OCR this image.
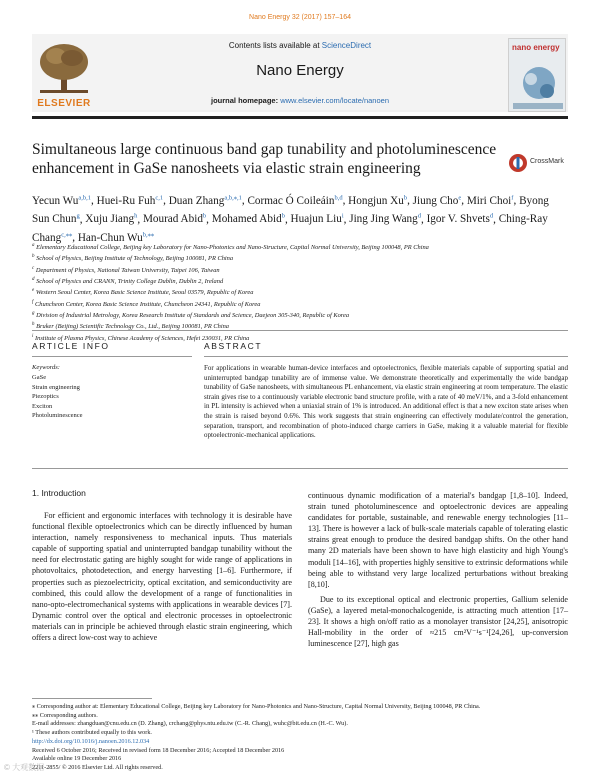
Nano Energy 32 (2017) 157–164
ELSEVIER
Contents lists available at ScienceDirect
Nano Energy
journal homepage: www.elsevier.com/locate/nanoen
nano energy
Simultaneous large continuous band gap tunability and photoluminescence
enhancement in GaSe nanosheets via elastic strain engineering	CrossMark
Yecun Wu$^{a,b,1}$, Huei-Ru Fuh$^{c,1}$, Duan Zhang$^{a,b,⁎,1}$, Cormac Ó Coileáin$^{b,d}$, Hongjun Xu$^b$, Jiung Cho$^e$, Miri Choi$^f$, Byong Sun Chun$^g$, Xuju Jiang$^h$, Mourad Abid$^b$, Mohamed Abid$^b$, Huajun Liu$^i$, Jing Jing Wang$^d$, Igor V. Shvets$^d$, Ching-Ray Chang$^{c,⁎⁎}$, Han-Chun $Wu^{b,⁎⁎}$
$^a$ Elementary Educational College, Beijing key Laboratory for Nano-Photonics and Nano-Structure, Capital Normal University, Beijing 100048, PR China
$^b$ School of Physics, Beijing Institute of Technology, Beijing 100081, PR China
$^c$ Department of Physics, National Taiwan University, Taipei 106, Taiwan
$^d$ School of Physics and CRANN, Trinity College Dublin, Dublin 2, Ireland
$^e$ Western Seoul Center, Korea Basic Science Institute, Seoul 03579, Republic of Korea
$^f$ Chuncheon Center, Korea Basic Science Institute, Chuncheon 24341, Republic of Korea
$^g$ Division of Industrial Metrology, Korea Research Institute of Standards and Science, Daejeon 305-340, Republic of Korea
$^h$ Bruker (Beijing) Scientific Technology Co., Ltd., Beijing 100081, PR China
$^i$ Institute of Plasma Physics, Chinese Academy of Sciences, Hefei 230031, PR China
ARTICLE INFO
Keywords:
GaSe
Strain engineering
Piezoptics
Exciton
Photoluminescence
ABSTRACT
For applications in wearable human-device interfaces and optoelectronics, flexible materials capable of supporting spatial and uninterrupted bandgap tunability are of immense value. We demonstrate theoretically and experimentally the wide bandgap tunability of GaSe nanosheets, with simultaneous PL enhancement, via elastic strain engineering at room temperature. The elastic strain gives rise to a continuously variable electronic band structure profile, with a rate of 40 meV/1%, and a 3-fold enhancement in PL intensity is achieved when a uniaxial strain of 1% is introduced. An additional effect is that a new exciton state arises when the strain is raised beyond 0.6%. This work suggests that strain engineering can effectively modulate/control the generation, separation, transport, and recombination of photo-induced charge carriers in GaSe, making it a valuable material for flexible optoelectronic-mechanical applications.
1. Introduction

For efficient and ergonomic interfaces with technology it is desirable have functional flexible optoelectronics which can be directly influenced by human interaction, namely responsiveness to mechanical inputs. Thus materials capable of supporting spatial and uninterrupted bandgap tunability without the need for electrostatic gating are highly sought for wide range of applications in photovoltaics, photodetection, and energy harvesting [1–6]. Furthermore, if properties such as piezoelectricity, optical excitation, and semiconductivity are combined, this could allow the development of a range of functionalities in nano-opto-electromechanical systems with applications in wearable devices [7]. Dynamic control over the optical and electronic processes in optoelectronic materials can in principle be achieved through elastic strain engineering, which offers a direct low-cost way to achieve

continuous dynamic modification of a material's bandgap [1,8–10]. Indeed, strain tuned photoluminescence and optoelectronic devices are appealing candidates for portable, sustainable, and renewable energy technologies [11–13]. There is however a lack of bulk-scale materials capable of tolerating elastic strains great enough to produce the desired bandgap shifts. On the other hand many 2D materials have been shown to have high elasticity and high Young's moduli [14–16], with properties highly sensitive to extrinsic deformations while being able to withstand very large localized perturbations without breaking [8,10].

Due to its exceptional optical and electronic properties, Gallium selenide (GaSe), a layered metal-monochalcogenide, is attracting much attention [17–23]. It shows a high on/off ratio as a monolayer transistor [24,25], anisotropic Hall-mobility in the order of ≈215 cm²V⁻¹s⁻¹[24,26], up-conversion luminescence [27], high gas

⁎ Corresponding author at: Elementary Educational College, Beijing key Laboratory for Nano-Photonics and Nano-Structure, Capital Normal University, Beijing 100048, PR China.
⁎⁎ Corresponding authors.
E-mail addresses: zhangduan@cnu.edu.cn (D. Zhang), crchang@phys.ntu.edu.tw (C.-R. Chang), wuhc@bit.edu.cn (H.-C. Wu).
¹ These authors contributed equally to this work.
http://dx.doi.org/10.1016/j.nanoen.2016.12.034
Received 6 October 2016; Received in revised form 18 December 2016; Accepted 18 December 2016
Available online 19 December 2016
2211-2855/ © 2016 Elsevier Ltd. All rights reserved.
© 大观数据
